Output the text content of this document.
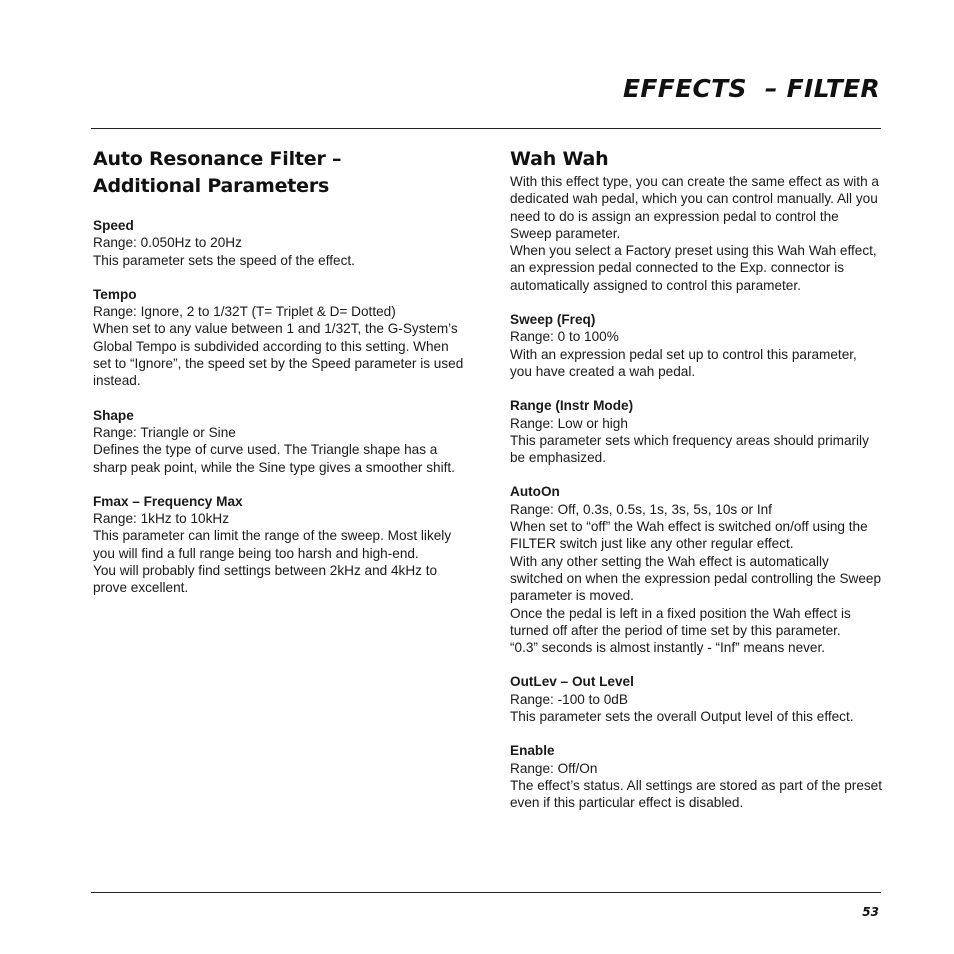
EFFECTS  – FILTER
Auto Resonance Filter –
Additional Parameters
Speed
Range: 0.050Hz to 20Hz
This parameter sets the speed of the effect.
Tempo
Range: Ignore, 2 to 1/32T (T= Triplet & D= Dotted)
When set to any value between 1 and 1/32T, the G-System’s Global Tempo is subdivided according to this setting. When set to “Ignore”, the speed set by the Speed parameter is used instead.
Shape
Range: Triangle or Sine
Defines the type of curve used. The Triangle shape has a sharp peak point, while the Sine type gives a smoother shift.
Fmax – Frequency Max
Range: 1kHz to 10kHz
This parameter can limit the range of the sweep. Most likely you will find a full range being too harsh and high-end.
You will probably find settings between 2kHz and 4kHz to prove excellent.
Wah Wah

With this effect type, you can create the same effect as with a dedicated wah pedal, which you can control manually. All you need to do is assign an expression pedal to control the Sweep parameter.

When you select a Factory preset using this Wah Wah effect, an expression pedal connected to the Exp. connector is automatically assigned to control this parameter.

Sweep (Freq)
Range: 0 to 100%
With an expression pedal set up to control this parameter, you have created a wah pedal.
Range (Instr Mode)
Range: Low or high
This parameter sets which frequency areas should primarily be emphasized.
AutoOn
Range: Off, 0.3s, 0.5s, 1s, 3s, 5s, 10s or Inf
When set to “off” the Wah effect is switched on/off using the FILTER switch just like any other regular effect.
With any other setting the Wah effect is automatically switched on when the expression pedal controlling the Sweep parameter is moved.
Once the pedal is left in a fixed position the Wah effect is turned off after the period of time set by this parameter.
“0.3” seconds is almost instantly - “Inf” means never.
OutLev – Out Level
Range: -100 to 0dB
This parameter sets the overall Output level of this effect.
Enable
Range: Off/On
The effect’s status. All settings are stored as part of the preset even if this particular effect is disabled.
53
